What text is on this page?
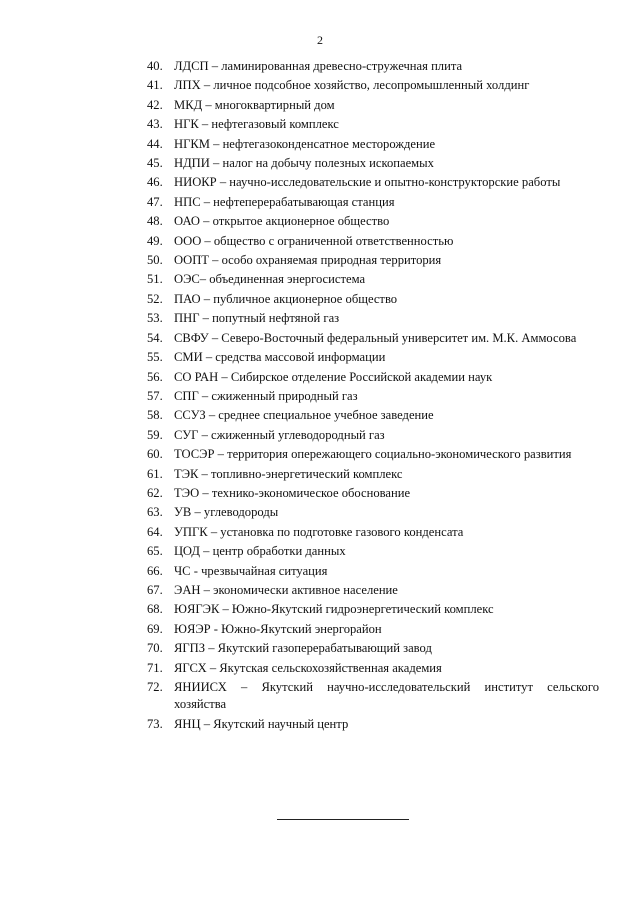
2
40. ЛДСП – ламинированная древесно-стружечная плита
41. ЛПХ – личное подсобное хозяйство, лесопромышленный холдинг
42. МКД – многоквартирный дом
43. НГК – нефтегазовый комплекс
44. НГКМ – нефтегазоконденсатное месторождение
45. НДПИ – налог на добычу полезных ископаемых
46. НИОКР – научно-исследовательские и опытно-конструкторские работы
47. НПС – нефтеперерабатывающая станция
48. ОАО – открытое акционерное общество
49. ООО – общество с ограниченной ответственностью
50. ООПТ – особо охраняемая природная территория
51. ОЭС– объединенная энергосистема
52. ПАО – публичное акционерное общество
53. ПНГ – попутный нефтяной газ
54. СВФУ – Северо-Восточный федеральный университет им. М.К. Аммосова
55. СМИ – средства массовой информации
56. СО РАН – Сибирское отделение Российской академии наук
57. СПГ – сжиженный природный газ
58. ССУЗ – среднее специальное учебное заведение
59. СУГ – сжиженный углеводородный газ
60. ТОСЭР – территория опережающего социально-экономического развития
61. ТЭК – топливно-энергетический комплекс
62. ТЭО – технико-экономическое обоснование
63. УВ – углеводороды
64. УПГК – установка по подготовке газового конденсата
65. ЦОД – центр обработки данных
66. ЧС - чрезвычайная ситуация
67. ЭАН – экономически активное население
68. ЮЯГЭК – Южно-Якутский гидроэнергетический комплекс
69. ЮЯЭР - Южно-Якутский энергорайон
70. ЯГПЗ – Якутский газоперерабатывающий завод
71. ЯГСХ – Якутская сельскохозяйственная академия
72. ЯНИИСХ – Якутский научно-исследовательский институт сельского хозяйства
73. ЯНЦ – Якутский научный центр
